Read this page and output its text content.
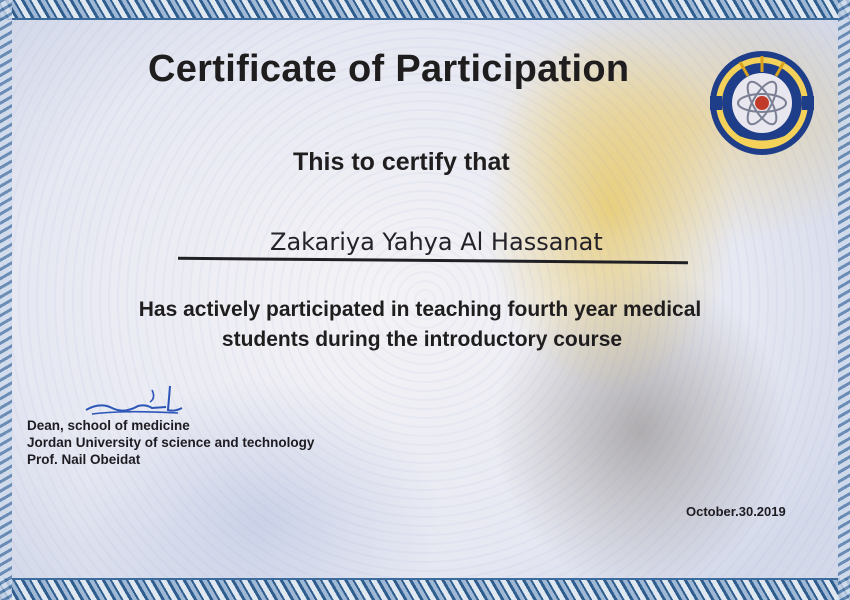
Certificate of Participation
This to certify that
Zakariya Yahya Al Hassanat
Has actively participated in teaching fourth year medical
students during the introductory course
Dean, school of medicine
Jordan University of science and technology
Prof. Nail Obeidat
October.30.2019
